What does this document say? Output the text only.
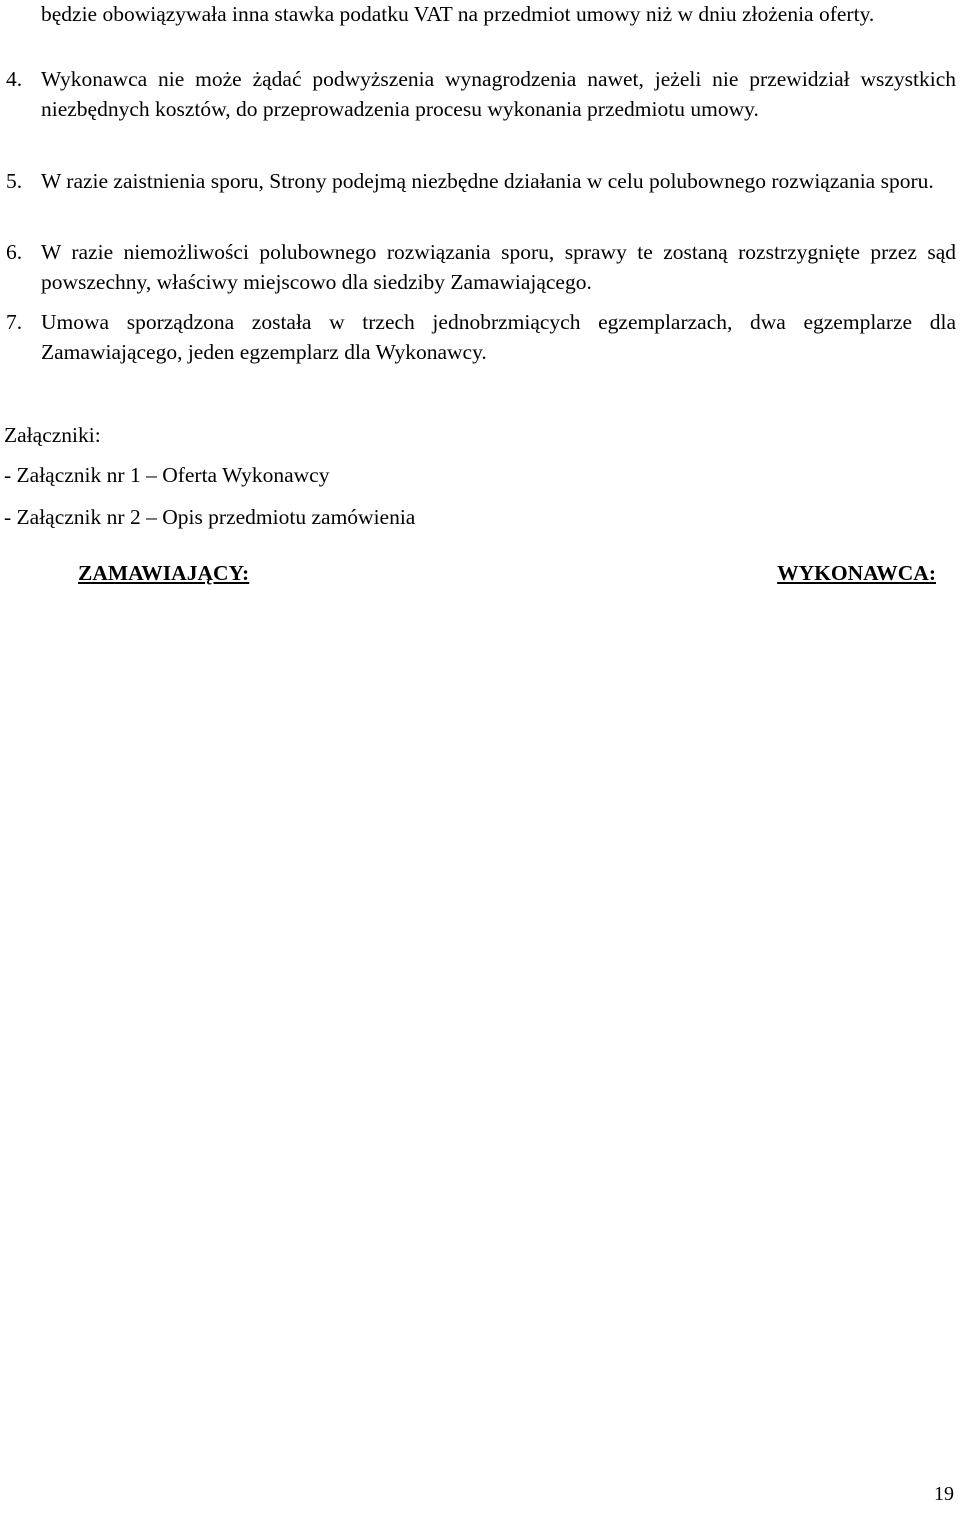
będzie obowiązywała inna stawka podatku VAT na przedmiot umowy niż w dniu złożenia oferty.
4. Wykonawca nie może żądać podwyższenia wynagrodzenia nawet, jeżeli nie przewidział wszystkich niezbędnych kosztów, do przeprowadzenia procesu wykonania przedmiotu umowy.
5. W razie zaistnienia sporu, Strony podejmą niezbędne działania w celu polubownego rozwiązania sporu.
6. W razie niemożliwości polubownego rozwiązania sporu, sprawy te zostaną rozstrzygnięte przez sąd powszechny, właściwy miejscowo dla siedziby Zamawiającego.
7. Umowa sporządzona została w trzech jednobrzmiących egzemplarzach, dwa egzemplarze dla Zamawiającego, jeden egzemplarz dla Wykonawcy.
Załączniki:
- Załącznik nr 1 – Oferta Wykonawcy
- Załącznik nr 2 – Opis przedmiotu zamówienia
ZAMAWIAJĄCY:	WYKONAWCA:
19
